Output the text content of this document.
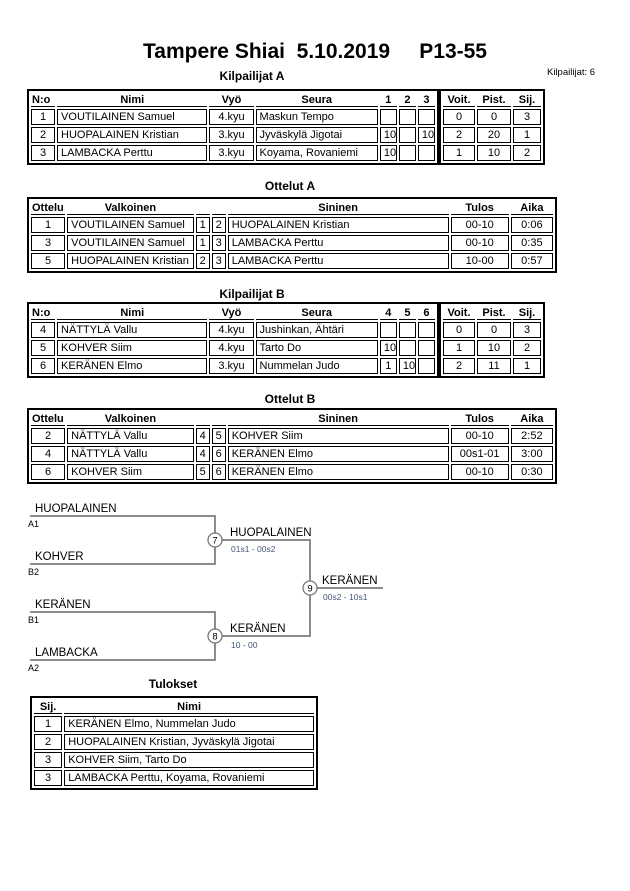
Tampere Shiai  5.10.2019     P13-55
Kilpailijat: 6
Kilpailijat A
N:o	Nimi	Vyö	Seura	1	2	3
1	VOUTILAINEN Samuel	4.kyu	Maskun Tempo			
2	HUOPALAINEN Kristian	3.kyu	Jyväskylä Jigotai	10		10
3	LAMBACKA Perttu	3.kyu	Koyama, Rovaniemi	10		
Voit.	Pist.	Sij.
0	0	3
2	20	1
1	10	2
Ottelut A
Ottelu	Valkoinen			Sininen	Tulos	Aika
1	VOUTILAINEN Samuel	1	2	HUOPALAINEN Kristian	00-10	0:06
3	VOUTILAINEN Samuel	1	3	LAMBACKA Perttu	00-10	0:35
5	HUOPALAINEN Kristian	2	3	LAMBACKA Perttu	10-00	0:57
Kilpailijat B
N:o	Nimi	Vyö	Seura	4	5	6
4	NÄTTYLÄ Vallu	4.kyu	Jushinkan, Ähtäri			
5	KOHVER Siim	4.kyu	Tarto Do	10		
6	KERÄNEN Elmo	3.kyu	Nummelan Judo	1	10	
Voit.	Pist.	Sij.
0	0	3
1	10	2
2	11	1
Ottelut B
Ottelu	Valkoinen			Sininen	Tulos	Aika
2	NÄTTYLÄ Vallu	4	5	KOHVER Siim	00-10	2:52
4	NÄTTYLÄ Vallu	4	6	KERÄNEN Elmo	00s1-01	3:00
6	KOHVER Siim	5	6	KERÄNEN Elmo	00-10	0:30
HUOPALAINEN
A1
KOHVER
B2
KERÄNEN
B1
LAMBACKA
A2
7
HUOPALAINEN
01s1 - 00s2
8
KERÄNEN
10 - 00
9
KERÄNEN
00s2 - 10s1
Tulokset
Sij.	Nimi
1	KERÄNEN Elmo, Nummelan Judo
2	HUOPALAINEN Kristian, Jyväskylä Jigotai
3	KOHVER Siim, Tarto Do
3	LAMBACKA Perttu, Koyama, Rovaniemi
